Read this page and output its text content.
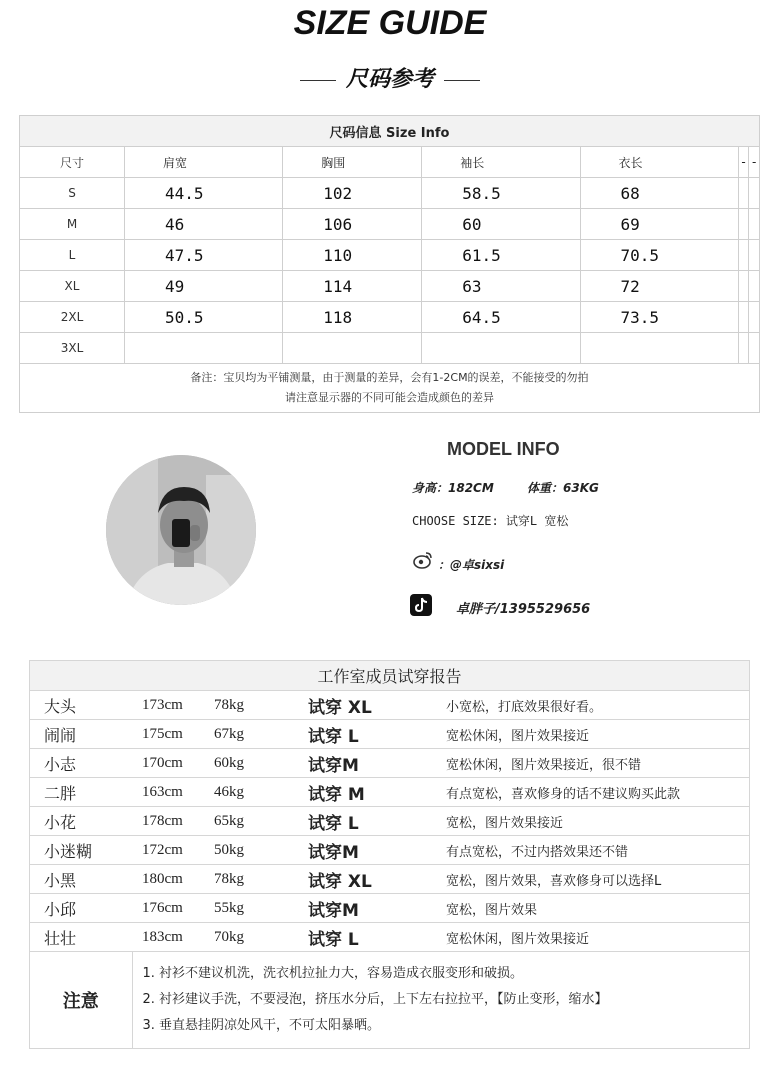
SIZE GUIDE
尺码参考
尺码信息 Size Info						
尺寸	肩宽	胸围	袖长	衣长	-	-
S	44.5	102	58.5	68		
M	46	106	60	69		
L	47.5	110	61.5	70.5		
XL	49	114	63	72		
2XL	50.5	118	64.5	73.5		
3XL						

备注：宝贝均为平铺测量，由于测量的差异，会有1-2CM的误差，不能接受的勿拍
请注意显示器的不同可能会造成颜色的差异						
MODEL INFO
身高：182CM	体重：63KG
CHOOSE SIZE: 试穿L 宽松
：@卓sixsi
卓胖子/1395529656
工作室成员试穿报告			
大头	173cm 78kg	试穿 XL	小宽松，打底效果很好看。
闹闹	175cm 67kg	试穿 L	宽松休闲，图片效果接近
小志	170cm 60kg	试穿M	宽松休闲，图片效果接近，很不错
二胖	163cm 46kg	试穿 M	有点宽松，喜欢修身的话不建议购买此款
小花	178cm 65kg	试穿 L	宽松，图片效果接近
小迷糊	172cm 50kg	试穿M	有点宽松，不过内搭效果还不错
小黑	180cm 78kg	试穿 XL	宽松，图片效果，喜欢修身可以选择L
小邱	176cm 55kg	试穿M	宽松，图片效果
壮壮	183cm 70kg	试穿 L	宽松休闲，图片效果接近
注意	1. 衬衫不建议机洗，洗衣机拉扯力大，容易造成衣服变形和破损。
2. 衬衫建议手洗，不要浸泡，挤压水分后，上下左右拉拉平，【防止变形，缩水】
3. 垂直悬挂阴凉处风干，不可太阳暴晒。		
